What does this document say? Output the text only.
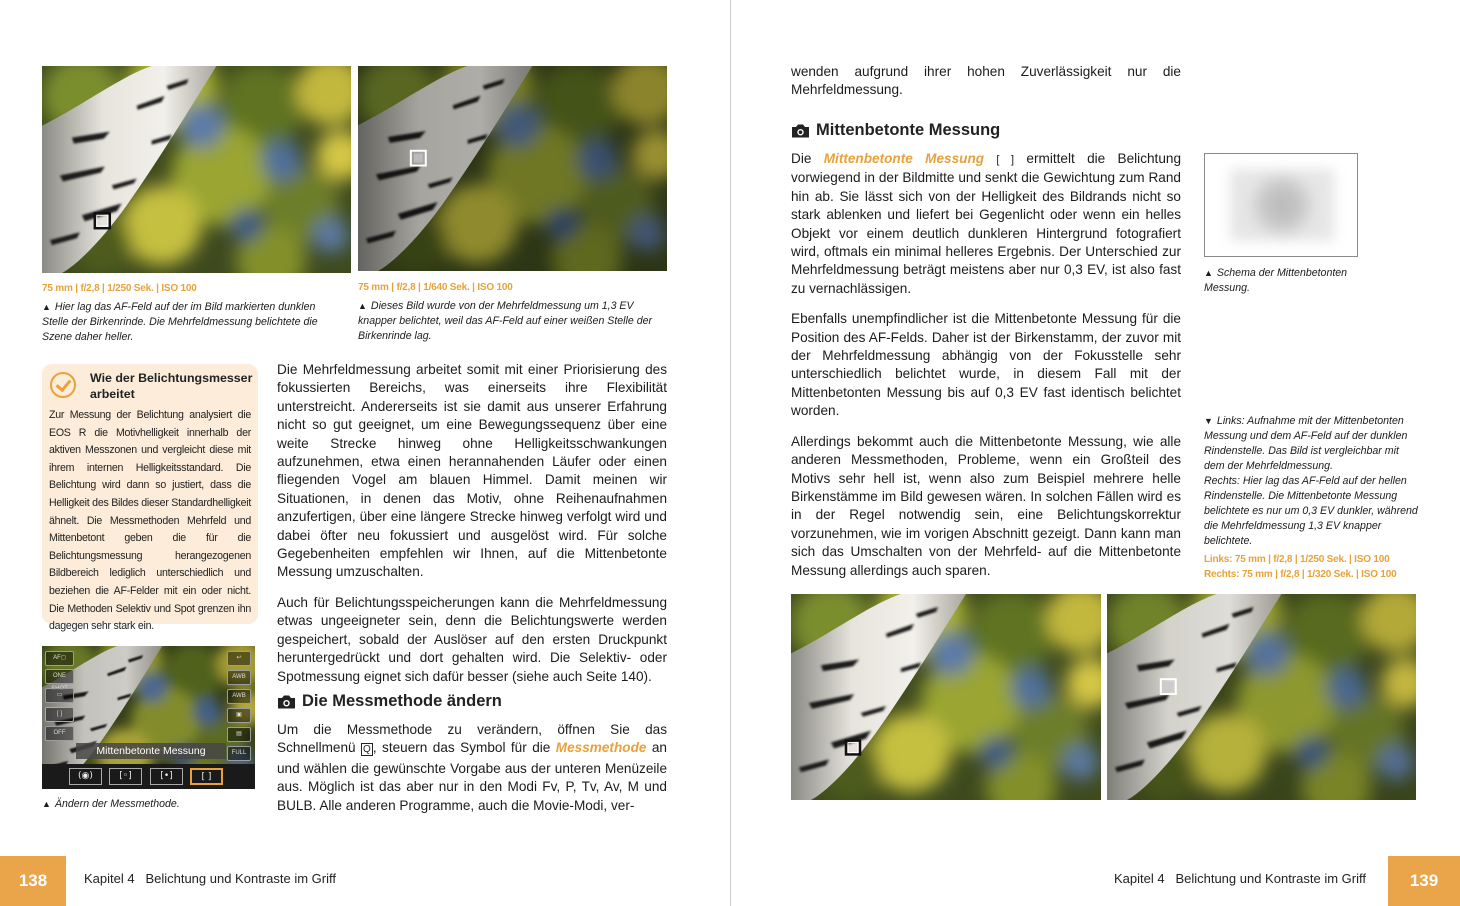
75 mm | f/2,8 | 1/250 Sek. | ISO 100
▲ Hier lag das AF-Feld auf der im Bild markierten dunklen Stelle der Birkenrinde. Die Mehrfeldmessung belichtete die Szene daher heller.
75 mm | f/2,8 | 1/640 Sek. | ISO 100
▲ Dieses Bild wurde von der Mehrfeldmessung um 1,3 EV knapper belichtet, weil das AF-Feld auf einer weißen Stelle der Birkenrinde lag.
Wie der Belichtungsmesser arbeitet
Zur Messung der Belichtung analysiert die EOS R die Motivhelligkeit innerhalb der aktiven Messzonen und vergleicht diese mit ihrem internen Helligkeitsstandard. Die Belichtung wird dann so justiert, dass die Helligkeit des Bildes dieser Standardhelligkeit ähnelt. Die Messmethoden Mehrfeld und Mittenbetont geben die für die Belichtungsmessung herangezogenen Bildbereich lediglich unterschiedlich und beziehen die AF-Felder mit ein oder nicht. Die Methoden Selektiv und Spot grenzen ihn dagegen sehr stark ein.
AF◻
ONE SHOT
▭
[ ]
OFF
↩
AWB
AWB
▣
▤
FULL
Mittenbetonte Messung
(◉)	[◦]	[•]	[ ]
▲ Ändern der Messmethode.

Die Mehrfeldmessung arbeitet somit mit einer Priorisierung des fokussierten Bereichs, was einerseits ihre Flexibilität unterstreicht. Andererseits ist sie damit aus unserer Erfahrung nicht so gut geeignet, um eine Bewegungssequenz über eine weite Strecke hinweg ohne Helligkeitsschwankungen aufzunehmen, etwa einen herannahenden Läufer oder einen fliegenden Vogel am blauen Himmel. Damit meinen wir Situationen, in denen das Motiv, ohne Reihenaufnahmen anzufertigen, über eine längere Strecke hinweg verfolgt wird und dabei öfter neu fokussiert und ausgelöst wird. Für solche Gegebenheiten empfehlen wir Ihnen, auf die Mittenbetonte Messung umzuschalten.

Auch für Belichtungsspeicherungen kann die Mehrfeldmessung etwas ungeeigneter sein, denn die Belichtungswerte werden gespeichert, sobald der Auslöser auf den ersten Druckpunkt heruntergedrückt und dort gehalten wird. Die Selektiv- oder Spotmessung eignet sich dafür besser (siehe auch Seite 140).

Die Messmethode ändern

Um die Messmethode zu verändern, öffnen Sie das Schnellmenü Q , steuern das Symbol für die Messmethode an und wählen die gewünschte Vorgabe aus der unteren Menüzeile aus. Möglich ist das aber nur in den Modi Fv, P, Tv, Av, M und BULB. Alle anderen Programme, auch die Movie-Modi, ver-

138	Kapitel 4 Belichtung und Kontraste im Griff

wenden aufgrund ihrer hohen Zuverlässigkeit nur die Mehrfeldmessung.

Mittenbetonte Messung

Die Mittenbetonte Messung [ ] ermittelt die Belichtung vorwiegend in der Bildmitte und senkt die Gewichtung zum Rand hin ab. Sie lässt sich von der Helligkeit des Bildrands nicht so stark ablenken und liefert bei Gegenlicht oder wenn ein helles Objekt vor einem deutlich dunkleren Hintergrund fotografiert wird, oftmals ein minimal helleres Ergebnis. Der Unterschied zur Mehrfeldmessung beträgt meistens aber nur 0,3 EV, ist also fast zu vernachlässigen.

Ebenfalls unempfindlicher ist die Mittenbetonte Messung für die Position des AF-Felds. Daher ist der Birkenstamm, der zuvor mit der Mehrfeldmessung abhängig von der Fokusstelle sehr unterschiedlich belichtet wurde, in diesem Fall mit der Mittenbetonten Messung bis auf 0,3 EV fast identisch belichtet worden.

Allerdings bekommt auch die Mittenbetonte Messung, wie alle anderen Messmethoden, Probleme, wenn ein Großteil des Motivs sehr hell ist, wenn also zum Beispiel mehrere helle Birkenstämme im Bild gewesen wären. In solchen Fällen wird es in der Regel notwendig sein, eine Belichtungskorrektur vorzunehmen, wie im vorigen Abschnitt gezeigt. Dann kann man sich das Umschalten von der Mehrfeld- auf die Mittenbetonte Messung allerdings auch sparen.

▲ Schema der Mittenbetonten Messung.
▼ Links: Aufnahme mit der Mittenbetonten Messung und dem AF-Feld auf der dunklen Rindenstelle. Das Bild ist vergleichbar mit dem der Mehrfeldmessung.
Rechts: Hier lag das AF-Feld auf der hellen Rindenstelle. Die Mittenbetonte Messung belichtete es nur um 0,3 EV dunkler, während die Mehrfeldmessung 1,3 EV knapper belichtete.
Links: 75 mm | f/2,8 | 1/250 Sek. | ISO 100
Rechts: 75 mm | f/2,8 | 1/320 Sek. | ISO 100
Kapitel 4 Belichtung und Kontraste im Griff	139
